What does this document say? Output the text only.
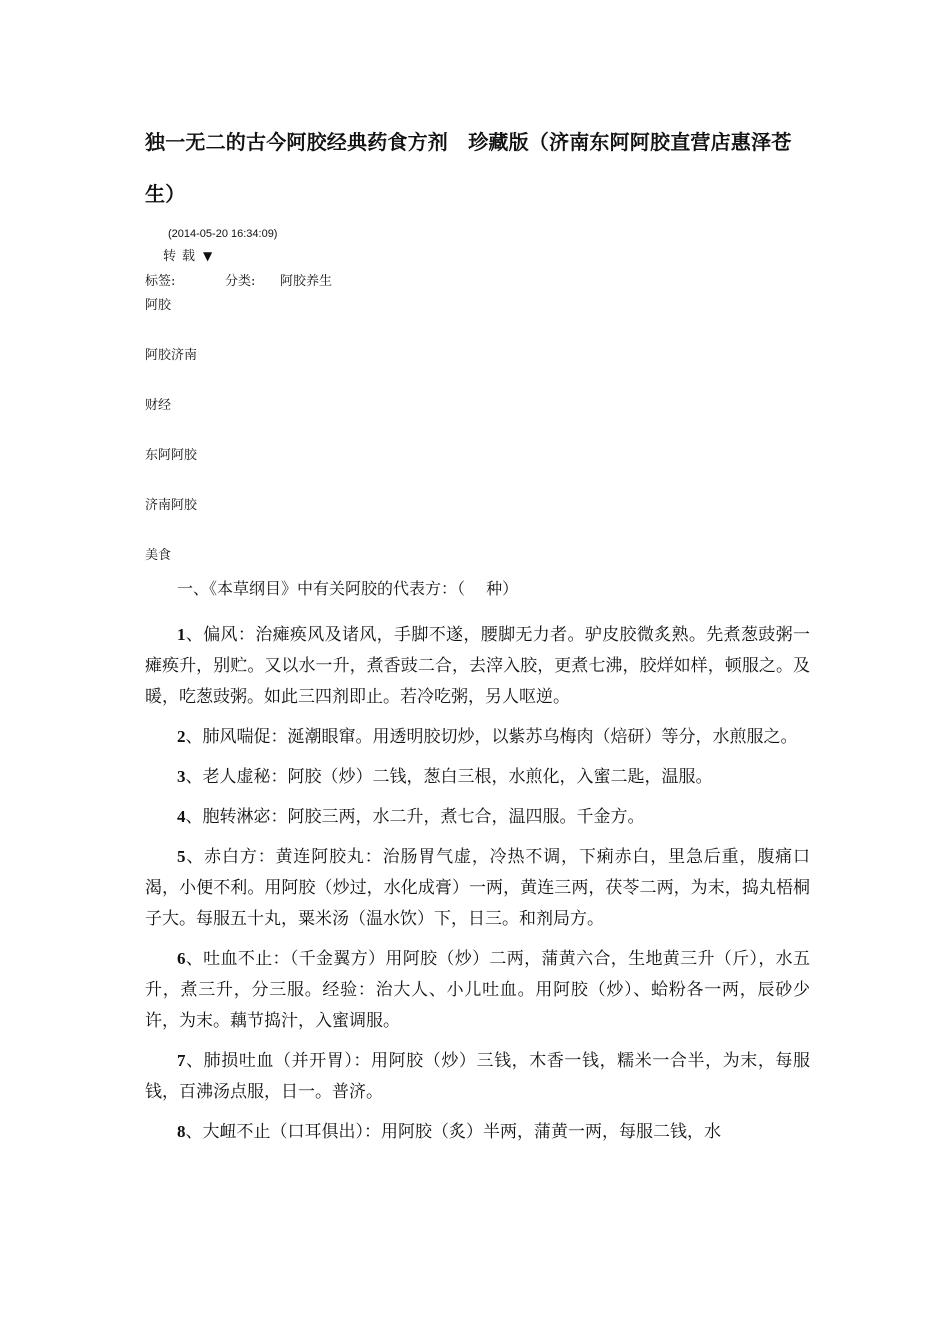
独一无二的古今阿胶经典药食方剂　珍藏版（济南东阿阿胶直营店惠泽苍生）
(2014-05-20 16:34:09)
转载 ▼
标签:	分类: 阿胶养生
阿胶
阿胶济南
财经
东阿阿胶
济南阿胶
美食
一、《本草纲目》中有关阿胶的代表方：（　 种）

1、偏风：治瘫痪风及诸风，手脚不遂，腰脚无力者。驴皮胶微炙熟。先煮葱豉粥一瘫痪升，别贮。又以水一升，煮香豉二合，去滓入胶，更煮七沸，胶烊如样，顿服之。及暖，吃葱豉粥。如此三四剂即止。若冷吃粥，另人呕逆。

2、肺风喘促：涎潮眼窜。用透明胶切炒，以紫苏乌梅肉（焙研）等分，水煎服之。

3、老人虚秘：阿胶（炒）二钱，葱白三根，水煎化，入蜜二匙，温服。

4、胞转淋宓：阿胶三两，水二升，煮七合，温四服。千金方。

5、赤白方：黄连阿胶丸：治肠胃气虚，冷热不调，下痢赤白，里急后重，腹痛口渴，小便不利。用阿胶（炒过，水化成膏）一两，黄连三两，茯苓二两，为末，捣丸梧桐子大。每服五十丸，粟米汤（温水饮）下，日三。和剂局方。

6、吐血不止：（千金翼方）用阿胶（炒）二两，蒲黄六合，生地黄三升（斤），水五升，煮三升，分三服。经验：治大人、小儿吐血。用阿胶（炒）、蛤粉各一两，辰砂少许，为末。藕节捣汁，入蜜调服。

7、肺损吐血（并开胃）：用阿胶（炒）三钱，木香一钱，糯米一合半，为末，每服钱，百沸汤点服，日一。普济。

8、大衄不止（口耳俱出）：用阿胶（炙）半两，蒲黄一两，每服二钱，水
